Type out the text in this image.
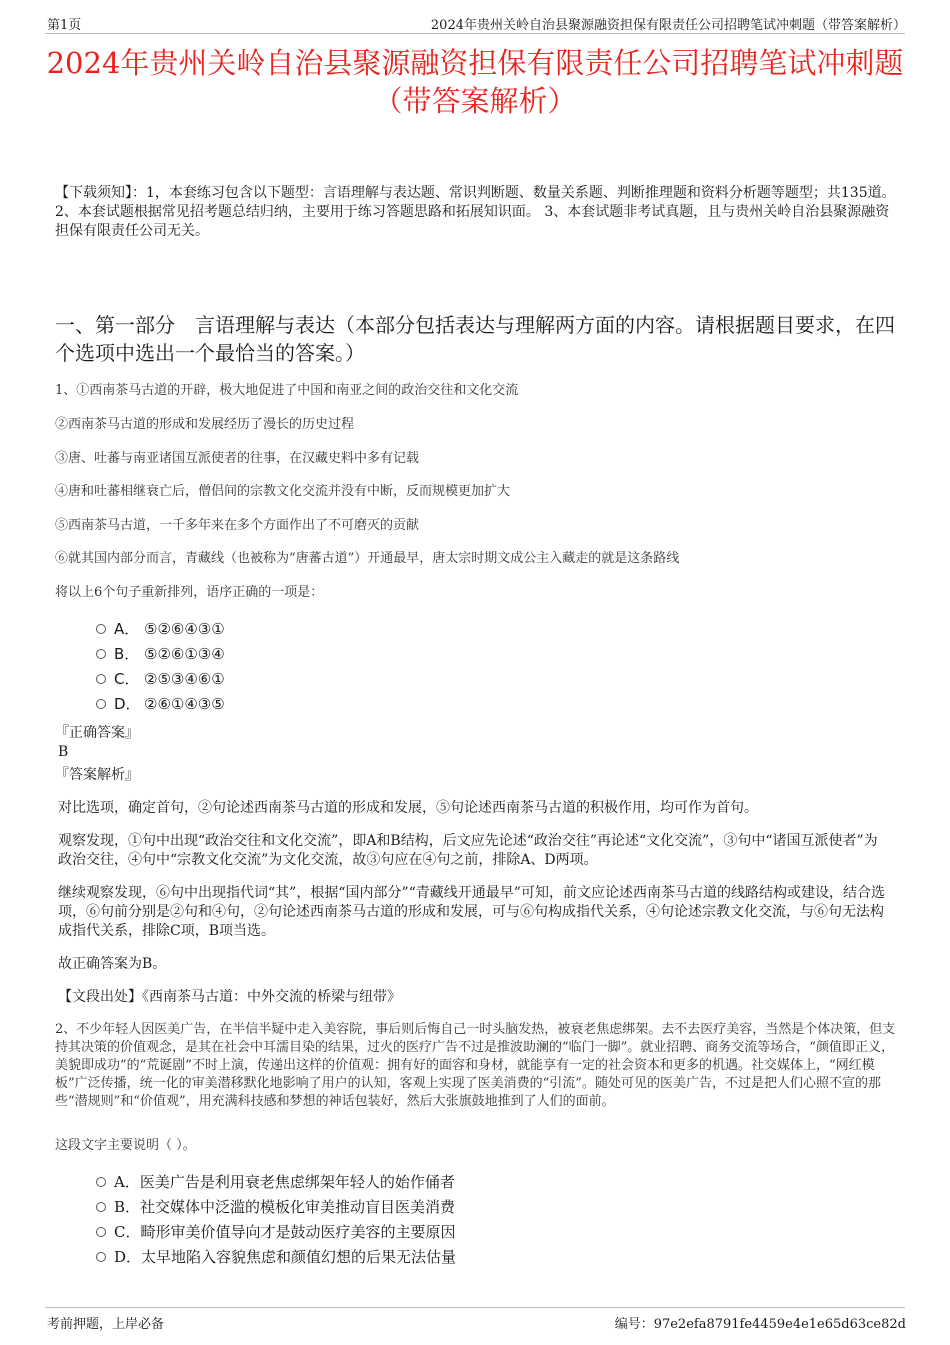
第1页	2024年贵州关岭自治县聚源融资担保有限责任公司招聘笔试冲刺题（带答案解析）
2024年贵州关岭自治县聚源融资担保有限责任公司招聘笔试冲刺题（带答案解析）
【下载须知】：1，本套练习包含以下题型：言语理解与表达题、常识判断题、数量关系题、判断推理题和资料分析题等题型；共135道。 2、本套试题根据常见招考题总结归纳，主要用于练习答题思路和拓展知识面。 3、本套试题非考试真题，且与贵州关岭自治县聚源融资担保有限责任公司无关。
一、第一部分　言语理解与表达（本部分包括表达与理解两方面的内容。请根据题目要求，在四个选项中选出一个最恰当的答案。）
1、①西南茶马古道的开辟，极大地促进了中国和南亚之间的政治交往和文化交流
②西南茶马古道的形成和发展经历了漫长的历史过程
③唐、吐蕃与南亚诸国互派使者的往事，在汉藏史料中多有记载
④唐和吐蕃相继衰亡后，僧侣间的宗教文化交流并没有中断，反而规模更加扩大
⑤西南茶马古道，一千多年来在多个方面作出了不可磨灭的贡献
⑥就其国内部分而言，青藏线（也被称为“唐蕃古道”）开通最早，唐太宗时期文成公主入藏走的就是这条路线
将以上6个句子重新排列，语序正确的一项是：
A． ⑤②⑥④③①
B． ⑤②⑥①③④
C． ②⑤③④⑥①
D． ②⑥①④③⑤
『正确答案』
B
『答案解析』
对比选项，确定首句，②句论述西南茶马古道的形成和发展，⑤句论述西南茶马古道的积极作用，均可作为首句。
观察发现，①句中出现“政治交往和文化交流”，即A和B结构，后文应先论述“政治交往”再论述“文化交流”，③句中“诸国互派使者”为政治交往，④句中“宗教文化交流”为文化交流，故③句应在④句之前，排除A、D两项。
继续观察发现，⑥句中出现指代词“其”，根据“国内部分”“青藏线开通最早”可知，前文应论述西南茶马古道的线路结构或建设，结合选项，⑥句前分别是②句和④句，②句论述西南茶马古道的形成和发展，可与⑥句构成指代关系，④句论述宗教文化交流，与⑥句无法构成指代关系，排除C项，B项当选。
故正确答案为B。
【文段出处】《西南茶马古道：中外交流的桥梁与纽带》
2、不少年轻人因医美广告，在半信半疑中走入美容院，事后则后悔自己一时头脑发热，被衰老焦虑绑架。去不去医疗美容，当然是个体决策，但支持其决策的价值观念，是其在社会中耳濡目染的结果，过火的医疗广告不过是推波助澜的“临门一脚”。就业招聘、商务交流等场合，“颜值即正义，美貌即成功”的“荒诞剧”不时上演，传递出这样的价值观：拥有好的面容和身材，就能享有一定的社会资本和更多的机遇。社交媒体上，“网红模板”广泛传播，统一化的审美潜移默化地影响了用户的认知，客观上实现了医美消费的“引流”。随处可见的医美广告，不过是把人们心照不宣的那些“潜规则”和“价值观”，用充满科技感和梦想的神话包装好，然后大张旗鼓地推到了人们的面前。
这段文字主要说明（ ）。
A．医美广告是利用衰老焦虑绑架年轻人的始作俑者
B．社交媒体中泛滥的模板化审美推动盲目医美消费
C．畸形审美价值导向才是鼓动医疗美容的主要原因
D．太早地陷入容貌焦虑和颜值幻想的后果无法估量
考前押题，上岸必备	编号：97e2efa8791fe4459e4e1e65d63ce82d
